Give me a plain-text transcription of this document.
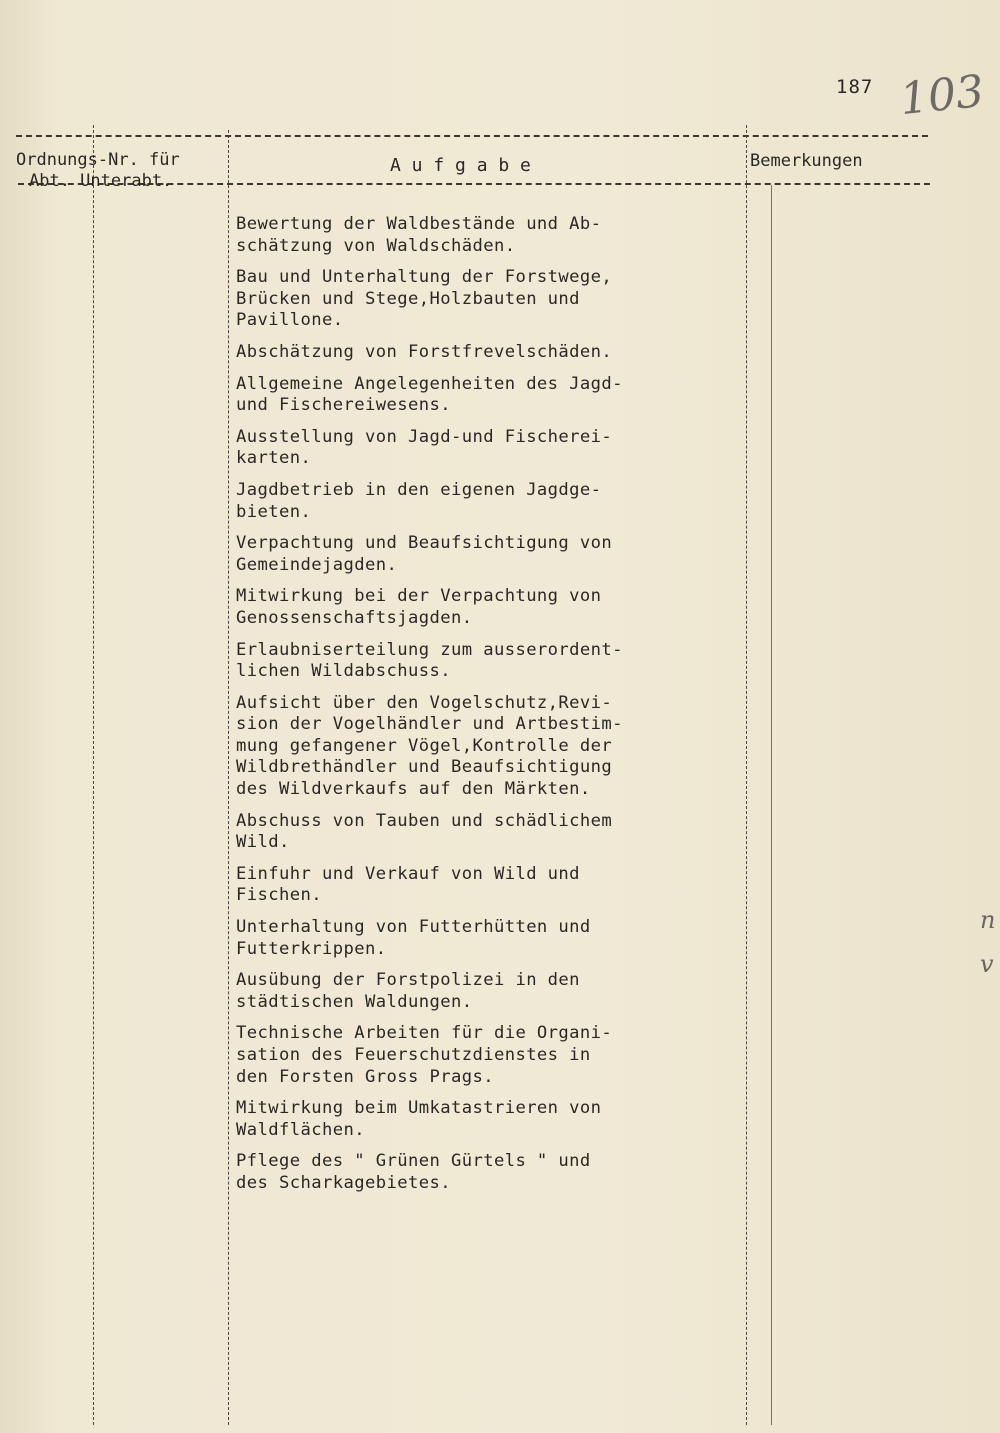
187 103
Ordnungs-Nr. für
Abt. Unterabt.
A u f g a b e	Bemerkungen
Bewertung der Waldbestände und Ab-
schätzung von Waldschäden.
Bau und Unterhaltung der Forstwege,
Brücken und Stege,Holzbauten und
Pavillone.
Abschätzung von Forstfrevelschäden.
Allgemeine Angelegenheiten des Jagd-
und Fischereiwesens.
Ausstellung von Jagd-und Fischerei-
karten.
Jagdbetrieb in den eigenen Jagdge-
bieten.
Verpachtung und Beaufsichtigung von
Gemeindejagden.
Mitwirkung bei der Verpachtung von
Genossenschaftsjagden.
Erlaubniserteilung zum ausserordent-
lichen Wildabschuss.
Aufsicht über den Vogelschutz,Revi-
sion der Vogelhändler und Artbestim-
mung gefangener Vögel,Kontrolle der
Wildbrethändler und Beaufsichtigung
des Wildverkaufs auf den Märkten.
Abschuss von Tauben und schädlichem
Wild.
Einfuhr und Verkauf von Wild und
Fischen.
Unterhaltung von Futterhütten und
Futterkrippen.
Ausübung der Forstpolizei in den
städtischen Waldungen.
Technische Arbeiten für die Organi-
sation des Feuerschutzdienstes in
den Forsten Gross Prags.
Mitwirkung beim Umkatastrieren von
Waldflächen.
Pflege des " Grünen Gürtels " und
des Scharkagebietes.
n
v
